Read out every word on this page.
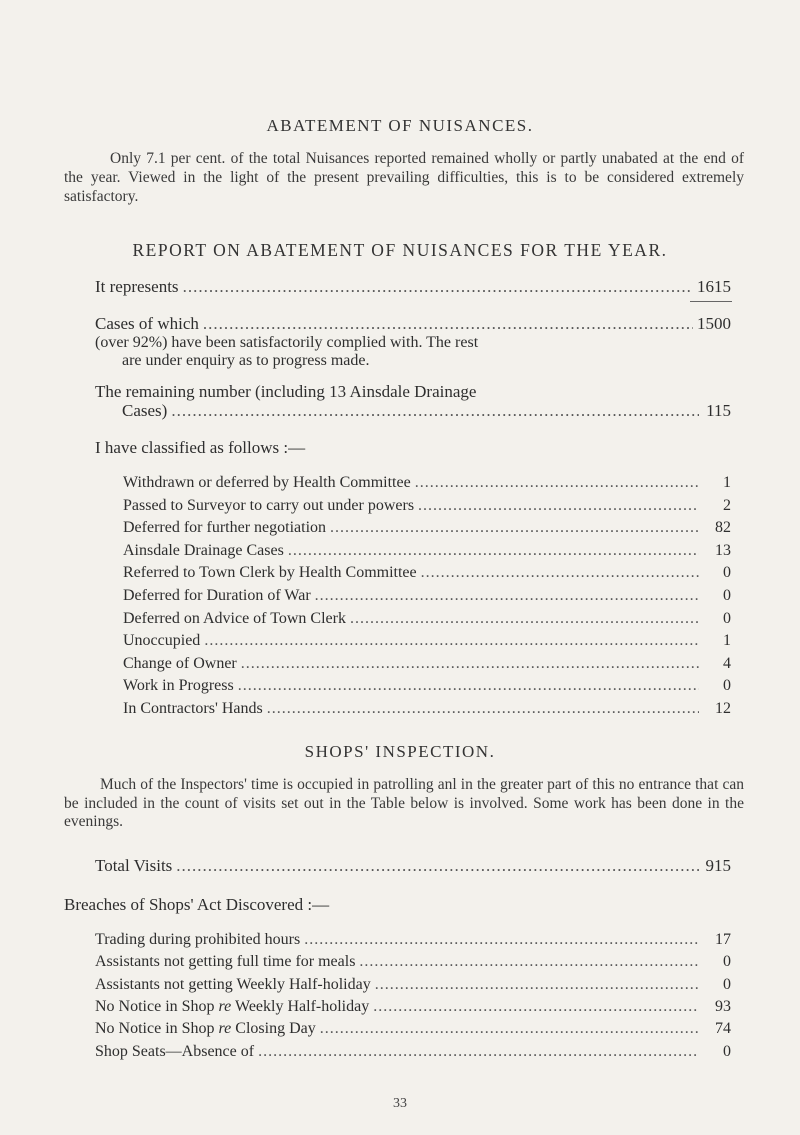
ABATEMENT OF NUISANCES.
Only 7.1 per cent. of the total Nuisances reported remained wholly or partly unabated at the end of the year. Viewed in the light of the present prevailing difficulties, this is to be considered extremely satisfactory.
REPORT ON ABATEMENT OF NUISANCES FOR THE YEAR.
It represents .....	1615
Cases of which .....	1500
(over 92%) have been satisfactorily complied with. The rest
are under enquiry as to progress made.
The remaining number (including 13 Ainsdale Drainage
Cases) .....	115
I have classified as follows :—
Withdrawn or deferred by Health Committee .....	1
Passed to Surveyor to carry out under powers .....	2
Deferred for further negotiation .....	82
Ainsdale Drainage Cases .....	13
Referred to Town Clerk by Health Committee .....	0
Deferred for Duration of War .....	0
Deferred on Advice of Town Clerk .....	0
Unoccupied .....	1
Change of Owner .....	4
Work in Progress .....	0
In Contractors' Hands .....	12
SHOPS' INSPECTION.
Much of the Inspectors' time is occupied in patrolling anl in the greater part of this no entrance that can be included in the count of visits set out in the Table below is involved. Some work has been done in the evenings.
Total Visits .....	915
Breaches of Shops' Act Discovered :—
Trading during prohibited hours .....	17
Assistants not getting full time for meals .....	0
Assistants not getting Weekly Half-holiday .....	0
No Notice in Shop re Weekly Half-holiday .....	93
No Notice in Shop re Closing Day .....	74
Shop Seats—Absence of .....	0
33
